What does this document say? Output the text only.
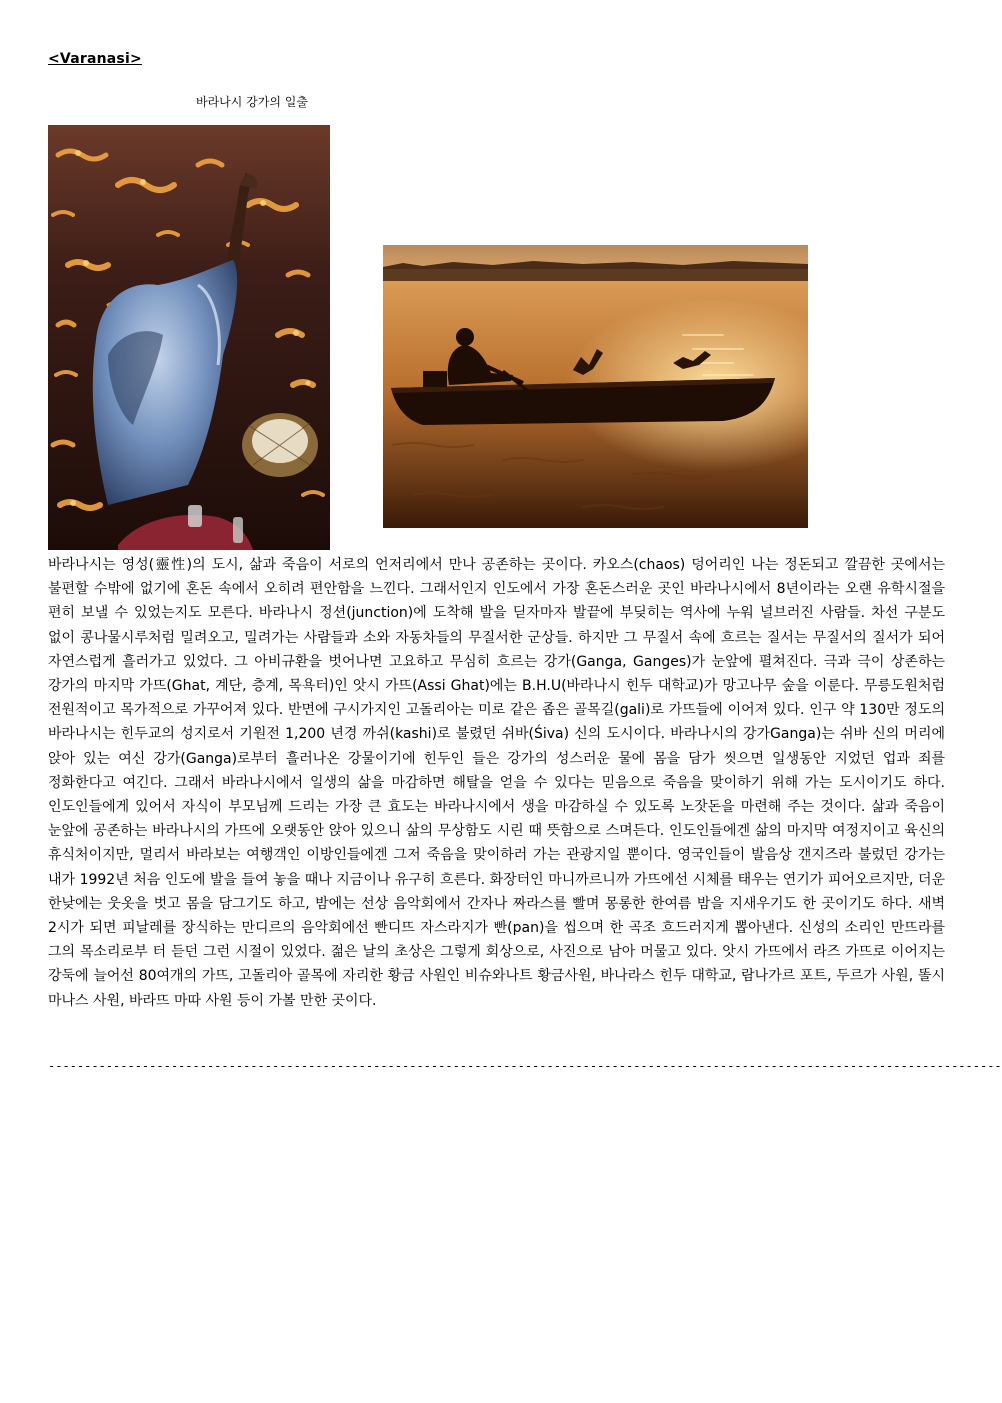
<Varanasi>
바라나시 강가의 일출

바라나시는 영성(靈性)의 도시, 삶과 죽음이 서로의 언저리에서 만나 공존하는 곳이다. 카오스(chaos) 덩어리인 나는 정돈되고 깔끔한 곳에서는 불편할 수밖에 없기에 혼돈 속에서 오히려 편안함을 느낀다. 그래서인지 인도에서 가장 혼돈스러운 곳인 바라나시에서 8년이라는 오랜 유학시절을 편히 보낼 수 있었는지도 모른다. 바라나시 정션(junction)에 도착해 발을 딛자마자 발끝에 부딪히는 역사에 누워 널브러진 사람들. 차선 구분도 없이 콩나물시루처럼 밀려오고, 밀려가는 사람들과 소와 자동차들의 무질서한 군상들. 하지만 그 무질서 속에 흐르는 질서는 무질서의 질서가 되어 자연스럽게 흘러가고 있었다. 그 아비규환을 벗어나면 고요하고 무심히 흐르는 강가(Ganga, Ganges)가 눈앞에 펼쳐진다. 극과 극이 상존하는 강가의 마지막 가뜨(Ghat, 계단, 층계, 목욕터)인 앗시 가뜨(Assi Ghat)에는 B.H.U(바라나시 힌두 대학교)가 망고나무 숲을 이룬다. 무릉도원처럼 전원적이고 목가적으로 가꾸어져 있다. 반면에 구시가지인 고돌리아는 미로 같은 좁은 골목길(gali)로 가뜨들에 이어져 있다. 인구 약 130만 정도의 바라나시는 힌두교의 성지로서 기원전 1,200 년경 까쉬(kashi)로 불렸던 쉬바(Śiva) 신의 도시이다. 바라나시의 강가Ganga)는 쉬바 신의 머리에 앉아 있는 여신 강가(Ganga)로부터 흘러나온 강물이기에 힌두인 들은 강가의 성스러운 물에 몸을 담가 씻으면 일생동안 지었던 업과 죄를 정화한다고 여긴다. 그래서 바라나시에서 일생의 삶을 마감하면 해탈을 얻을 수 있다는 믿음으로 죽음을 맞이하기 위해 가는 도시이기도 하다. 인도인들에게 있어서 자식이 부모님께 드리는 가장 큰 효도는 바라나시에서 생을 마감하실 수 있도록 노잣돈을 마련해 주는 것이다. 삶과 죽음이 눈앞에 공존하는 바라나시의 가뜨에 오랫동안 앉아 있으니 삶의 무상함도 시린 때 뜻함으로 스며든다. 인도인들에겐 삶의 마지막 여정지이고 육신의 휴식처이지만, 멀리서 바라보는 여행객인 이방인들에겐 그저 죽음을 맞이하러 가는 관광지일 뿐이다. 영국인들이 발음상 갠지즈라 불렀던 강가는 내가 1992년 처음 인도에 발을 들여 놓을 때나 지금이나 유구히 흐른다. 화장터인 마니까르니까 가뜨에선 시체를 태우는 연기가 피어오르지만, 더운 한낮에는 웃옷을 벗고 몸을 담그기도 하고, 밤에는 선상 음악회에서 간자나 짜라스를 빨며 몽롱한 한여름 밤을 지새우기도 한 곳이기도 하다. 새벽 2시가 되면 피날레를 장식하는 만디르의 음악회에선 빤디뜨 자스라지가 빤(pan)을 씹으며 한 곡조 흐드러지게 뽑아낸다. 신성의 소리인 만뜨라를 그의 목소리로부 터 듣던 그런 시절이 있었다. 젊은 날의 초상은 그렇게 회상으로, 사진으로 남아 머물고 있다. 앗시 가뜨에서 라즈 가뜨로 이어지는 강둑에 늘어선 80여개의 가뜨, 고돌리아 골목에 자리한 황금 사원인 비슈와나트 황금사원, 바나라스 힌두 대학교, 람나가르 포트, 두르가 사원, 똘시 마나스 사원, 바라뜨 마따 사원 등이 가볼 만한 곳이다.

------------------------------------------------------------------------------------------------------------------------------------
